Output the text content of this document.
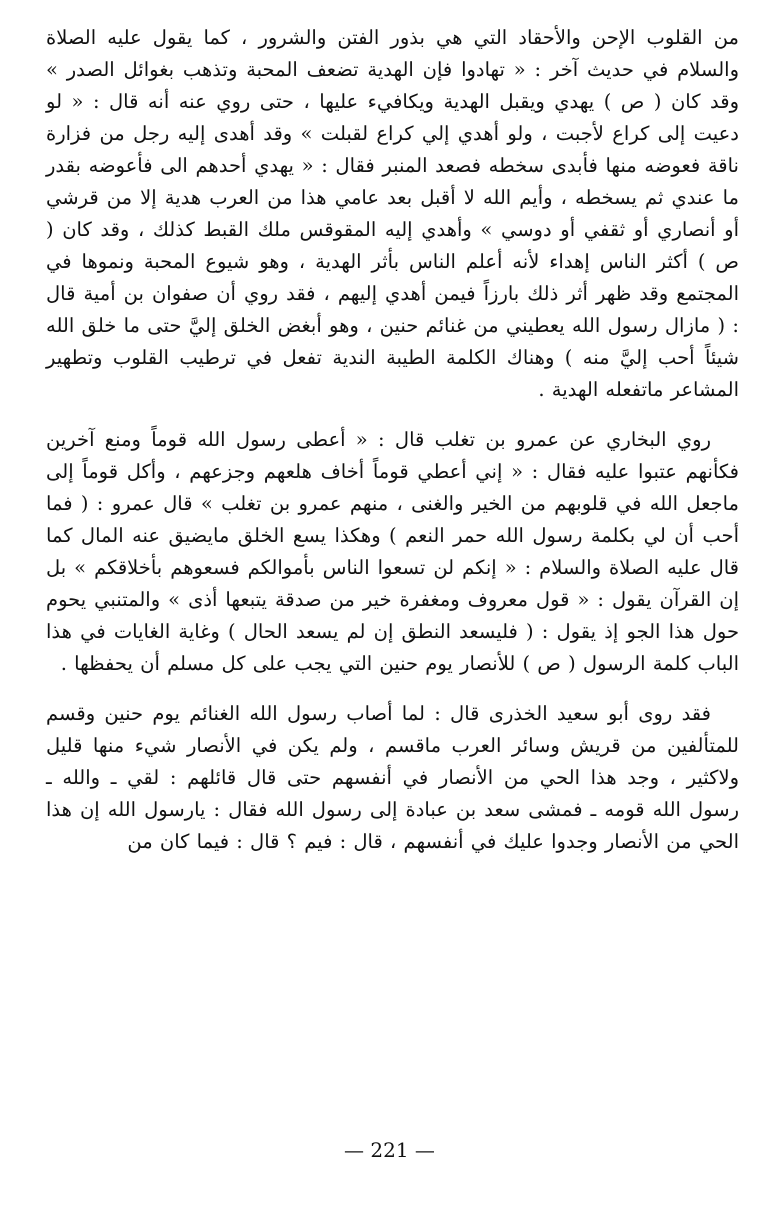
من القلوب الإحن والأحقاد التي هي بذور الفتن والشرور ، كما يقول عليه الصلاة والسلام في حديث آخر : « تهادوا فإن الهدية تضعف المحبة وتذهب بغوائل الصدر » وقد كان ( ص ) يهدي ويقبل الهدية ويكافيء عليها ، حتى روي عنه أنه قال : « لو دعيت إلى كراع لأجبت ، ولو أهدي إلي كراع لقبلت » وقد أهدى إليه رجل من فزارة ناقة فعوضه منها فأبدى سخطه فصعد المنبر فقال : « يهدي أحدهم الى فأعوضه بقدر ما عندي ثم يسخطه ، وأيم الله لا أقبل بعد عامي هذا من العرب هدية إلا من قرشي أو أنصاري أو ثقفي أو دوسي » وأهدي إليه المقوقس ملك القبط كذلك ، وقد كان ( ص ) أكثر الناس إهداء لأنه أعلم الناس بأثر الهدية ، وهو شيوع المحبة ونموها في المجتمع وقد ظهر أثر ذلك بارزاً فيمن أهدي إليهم ، فقد روي أن صفوان بن أمية قال : ( مازال رسول الله يعطيني من غنائم حنين ، وهو أبغض الخلق إليَّ حتى ما خلق الله شيئاً أحب إليَّ منه ) وهناك الكلمة الطيبة الندية تفعل في ترطيب القلوب وتطهير المشاعر ماتفعله الهدية .

روي البخاري عن عمرو بن تغلب قال : « أعطى رسول الله قوماً ومنع آخرين فكأنهم عتبوا عليه فقال : « إني أعطي قوماً أخاف هلعهم وجزعهم ، وأكل قوماً إلى ماجعل الله في قلوبهم من الخير والغنى ، منهم عمرو بن تغلب » قال عمرو : ( فما أحب أن لي بكلمة رسول الله حمر النعم ) وهكذا يسع الخلق مايضيق عنه المال كما قال عليه الصلاة والسلام : « إنكم لن تسعوا الناس بأموالكم فسعوهم بأخلاقكم » بل إن القرآن يقول : « قول معروف ومغفرة خير من صدقة يتبعها أذى » والمتنبي يحوم حول هذا الجو إذ يقول : ( فليسعد النطق إن لم يسعد الحال ) وغاية الغايات في هذا الباب كلمة الرسول ( ص ) للأنصار يوم حنين التي يجب على كل مسلم أن يحفظها .

فقد روى أبو سعيد الخذرى قال : لما أصاب رسول الله الغنائم يوم حنين وقسم للمتألفين من قريش وسائر العرب ماقسم ، ولم يكن في الأنصار شيء منها قليل ولاكثير ، وجد هذا الحي من الأنصار في أنفسهم حتى قال قائلهم : لقي ـ والله ـ رسول الله قومه ـ فمشى سعد بن عبادة إلى رسول الله فقال : يارسول الله إن هذا الحي من الأنصار وجدوا عليك في أنفسهم ، قال : فيم ؟ قال : فيما كان من

— 221 —
